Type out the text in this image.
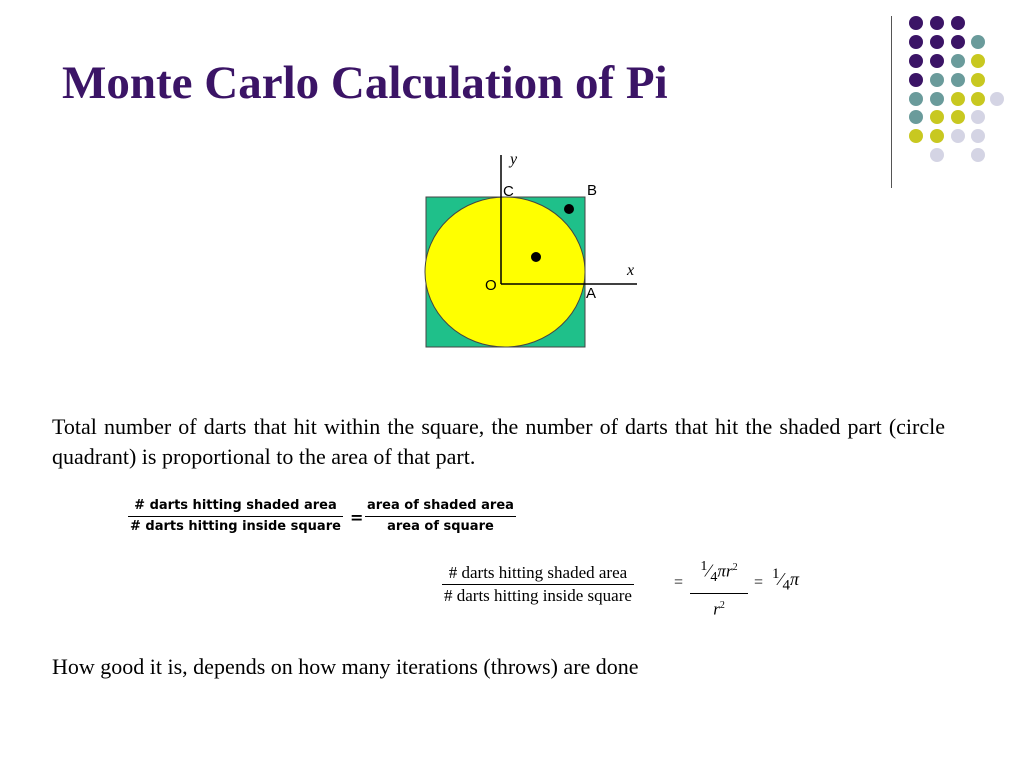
Monte Carlo Calculation of Pi
y
C	B
x
O	A

Total number of darts that hit within the square, the number of darts that hit the shaded part (circle quadrant) is proportional to the area of that part.

# darts hitting shaded area
# darts hitting inside square =
area of shaded area
area of square
# darts hitting shaded area
# darts hitting inside square
= $\frac{^1⁄_4\pi r^2}{r^2}$ = $^1⁄_4\pi$

How good it is, depends on how many iterations (throws) are done
